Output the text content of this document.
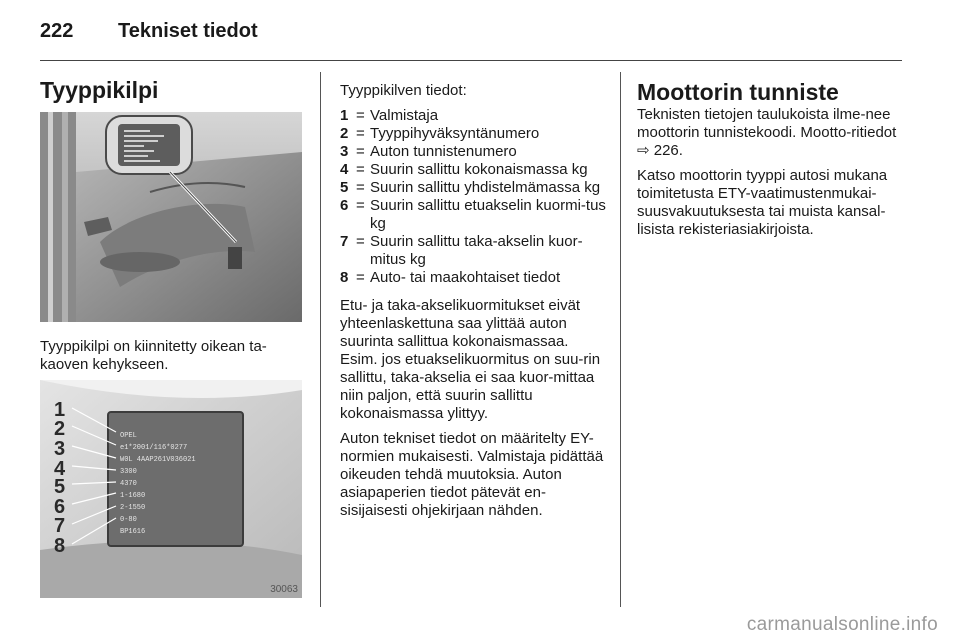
222 Tekniset tiedot
Tyyppikilpi

Tyyppikilpi on kiinnitetty oikean ta-kaoven kehykseen.

1
2
3
4
5
6
7
8
OPEL
e1*2001/116*0277
W0L 4AAP261V036021
3300
4370
1-1680
2-1550
0-80
BP1616
30063

Tyyppikilven tiedot:

1 = Valmistaja
2 = Tyyppihyväksyntänumero
3 = Auton tunnistenumero
4 = Suurin sallittu kokonaismassa kg
5 = Suurin sallittu yhdistelmämassa kg
6 = Suurin sallittu etuakselin kuormi-tus kg
7 = Suurin sallittu taka-akselin kuor-mitus kg
8 = Auto- tai maakohtaiset tiedot

Etu- ja taka-akselikuormitukset eivät yhteenlaskettuna saa ylittää auton suurinta sallittua kokonaismassaa. Esim. jos etuakselikuormitus on suu-rin sallittu, taka-akselia ei saa kuor-mittaa niin paljon, että suurin sallittu kokonaismassa ylittyy.

Auton tekniset tiedot on määritelty EY-normien mukaisesti. Valmistaja pidättää oikeuden tehdä muutoksia. Auton asiapaperien tiedot pätevät en-sisijaisesti ohjekirjaan nähden.

Moottorin tunniste

Teknisten tietojen taulukoista ilme-nee moottorin tunnistekoodi. Mootto-ritiedot ⇨ 226.

Katso moottorin tyyppi autosi mukana toimitetusta ETY-vaatimustenmukai-suusvakuutuksesta tai muista kansal-lisista rekisteriasiakirjoista.

carmanualsonline.info
